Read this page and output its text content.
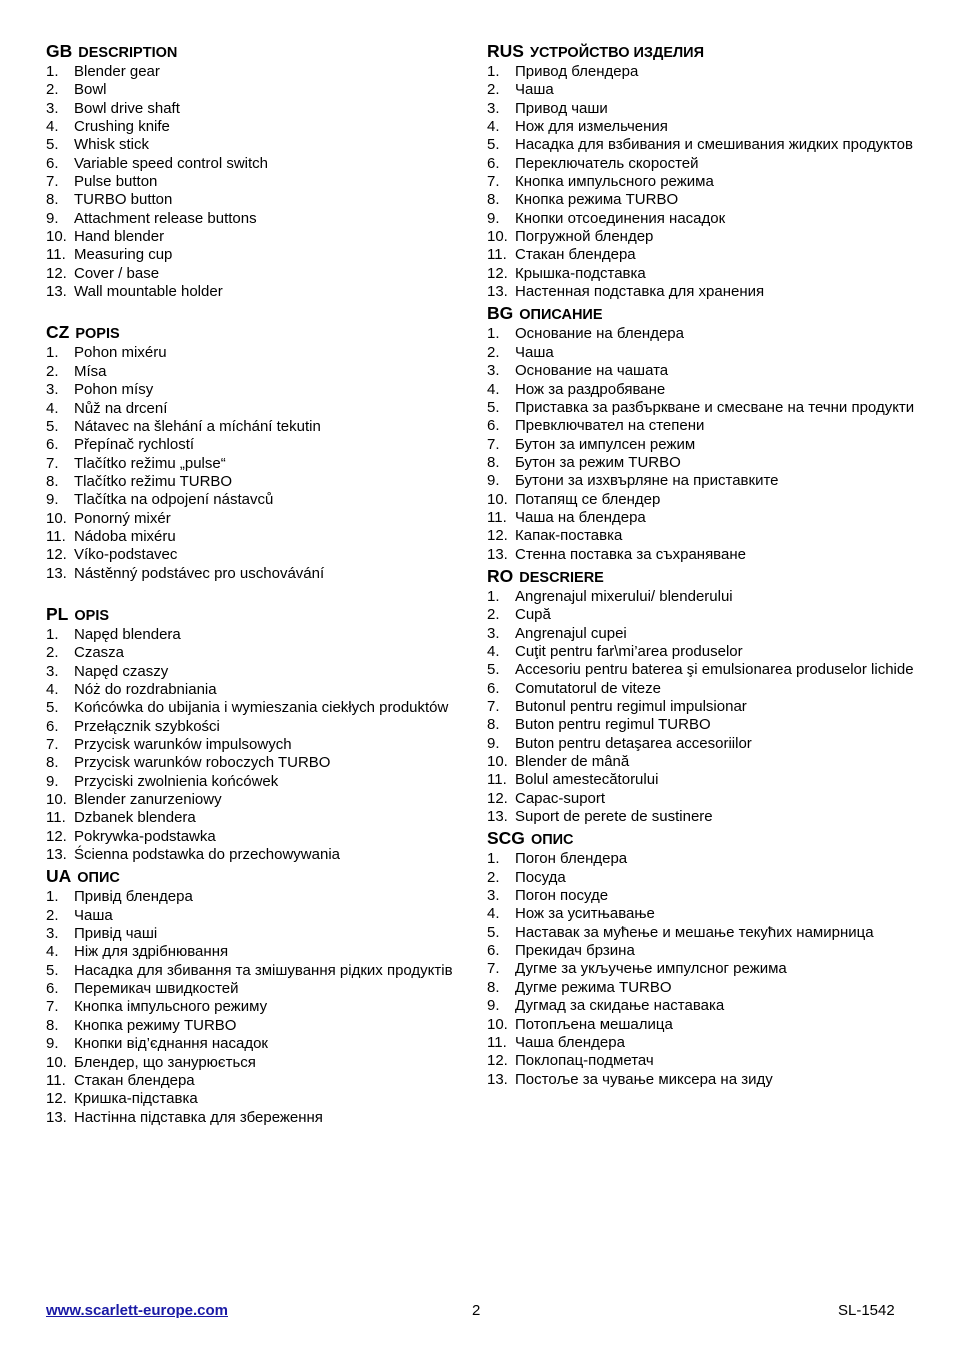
GB DESCRIPTION
1. Blender gear
2. Bowl
3. Bowl drive shaft
4. Crushing knife
5. Whisk stick
6. Variable speed control switch
7. Pulse button
8. TURBO button
9. Attachment release buttons
10. Hand blender
11. Measuring cup
12. Cover / base
13. Wall mountable holder
CZ POPIS
1. Pohon mixéru
2. Mísa
3. Pohon mísy
4. Nůž na drcení
5. Nátavec na šlehání a míchání tekutin
6. Přepínač rychlostí
7. Tlačítko režimu „pulse“
8. Tlačítko režimu TURBO
9. Tlačítka na odpojení nástavců
10. Ponorný mixér
11. Nádoba mixéru
12. Víko-podstavec
13. Nástěnný podstávec pro uschovávání
PL OPIS
1. Napęd blendera
2. Czasza
3. Napęd czaszy
4. Nóż do rozdrabniania
5. Końcówka do ubijania i wymieszania ciekłych produktów
6. Przełącznik szybkości
7. Przycisk warunków impulsowych
8. Przycisk warunków roboczych TURBO
9. Przyciski zwolnienia końcówek
10. Blender zanurzeniowy
11. Dzbanek blendera
12. Pokrywka-podstawka
13. Ścienna podstawka do przechowywania
UA ОПИС
1. Привід блендера
2. Чаша
3. Привід чаші
4. Ніж для здрібнювання
5. Насадка для збивання та змішування рідких продуктів
6. Перемикач швидкостей
7. Кнопка імпульсного режиму
8. Кнопка режиму TURBO
9. Кнопки від’єднання насадок
10. Блендер, що занурюється
11. Стакан блендера
12. Кришка-підставка
13. Настінна підставка для збереження
RUS УСТРОЙСТВО ИЗДЕЛИЯ
1. Привод блендера
2. Чаша
3. Привод чаши
4. Нож для измельчения
5. Насадка для взбивания и смешивания жидких продуктов
6. Переключатель скоростей
7. Кнопка импульсного режима
8. Кнопка режима TURBO
9. Кнопки отсоединения насадок
10. Погружной блендер
11. Стакан блендера
12. Крышка-подставка
13. Настенная подставка для хранения
BG ОПИСАНИЕ
1. Основание на блендера
2. Чаша
3. Основание на чашата
4. Нож за раздробяване
5. Приставка за разбъркване и смесване на течни продукти
6. Превключвател на степени
7. Бутон за импулсен режим
8. Бутон за режим TURBO
9. Бутони за изхвърляне на приставките
10. Потапящ се блендер
11. Чаша на блендера
12. Капак-поставка
13. Стенна поставка за съхраняване
RO DESCRIERE
1. Angrenajul mixerului/ blenderului
2. Cupă
3. Angrenajul cupei
4. Cuţit pentru far\mi’area produselor
5. Accesoriu pentru baterea şi emulsionarea produselor lichide
6. Comutatorul de viteze
7. Butonul pentru regimul impulsionar
8. Buton pentru regimul TURBO
9. Buton pentru detaşarea accesoriilor
10. Blender de mână
11. Bolul amestecătorului
12. Capac-suport
13. Suport de perete de sustinere
SCG ОПИС
1. Погон блендера
2. Посуда
3. Погон посуде
4. Нож за уситњавање
5. Наставак за мућење и мешање текућих намирница
6. Прекидач брзина
7. Дугме за укључење импулсног режима
8. Дугме режима TURBO
9. Дугмад за скидање наставака
10. Потопљена мешалица
11. Чаша блендера
12. Поклопац-подметач
13. Постоље за чување миксера на зиду
www.scarlett-europe.com	2	SL-1542
